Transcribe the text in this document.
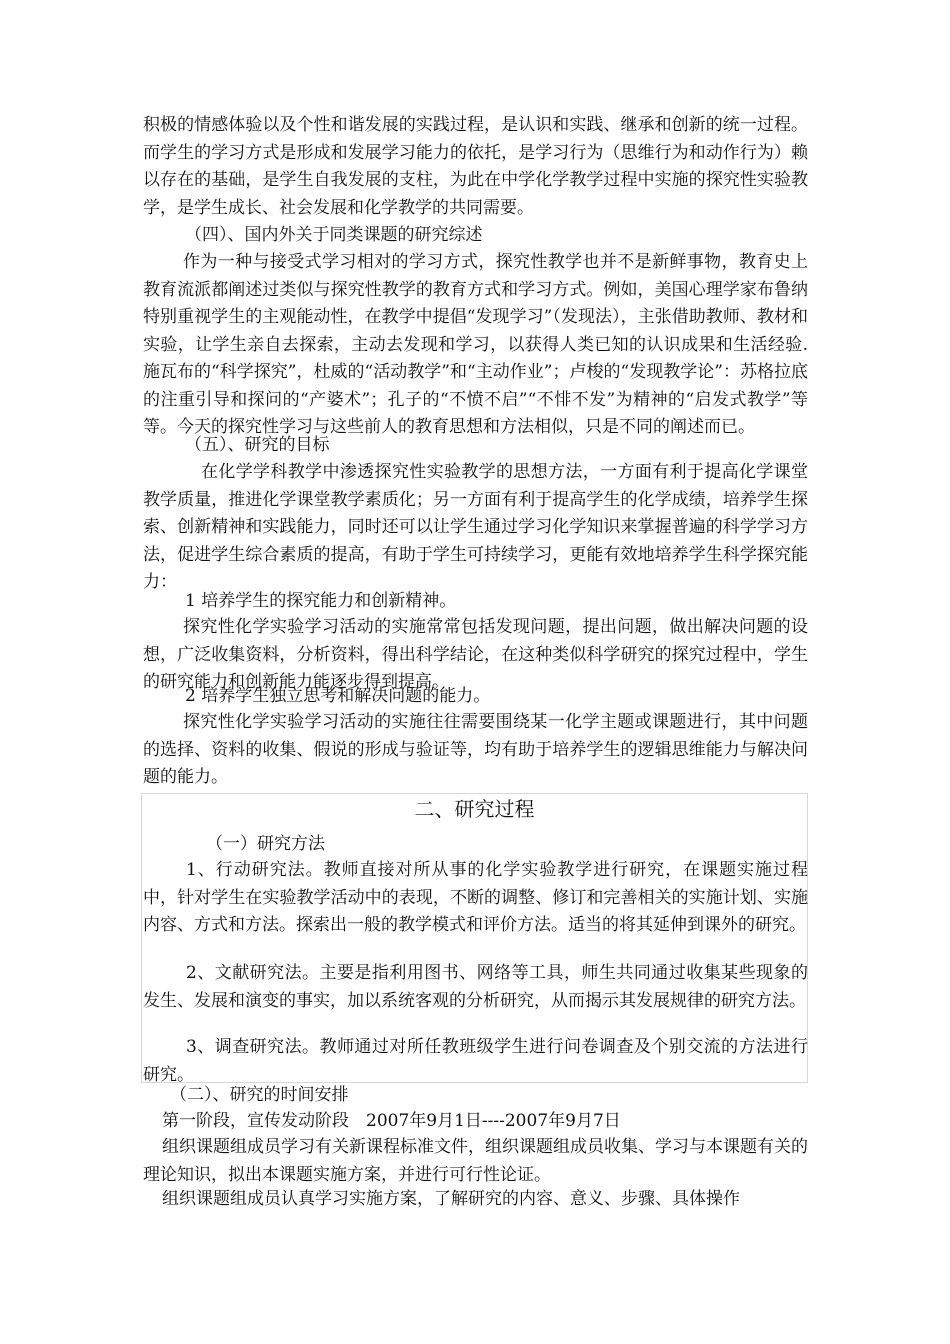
积极的情感体验以及个性和谐发展的实践过程，是认识和实践、继承和创新的统一过程。而学生的学习方式是形成和发展学习能力的依托，是学习行为（思维行为和动作行为）赖以存在的基础，是学生自我发展的支柱，为此在中学化学教学过程中实施的探究性实验教学，是学生成长、社会发展和化学教学的共同需要。

（四）、国内外关于同类课题的研究综述

作为一种与接受式学习相对的学习方式，探究性教学也并不是新鲜事物，教育史上教育流派都阐述过类似与探究性教学的教育方式和学习方式。例如，美国心理学家布鲁纳特别重视学生的主观能动性，在教学中提倡“发现学习”（发现法），主张借助教师、教材和实验，让学生亲自去探索，主动去发现和学习，以获得人类已知的认识成果和生活经验. 施瓦布的“科学探究”，杜威的“活动教学”和“主动作业”；卢梭的“发现教学论”：苏格拉底的注重引导和探问的“产婆术”；孔子的“不愤不启”“不悱不发”为精神的“启发式教学”等等。今天的探究性学习与这些前人的教育思想和方法相似，只是不同的阐述而已。

（五）、研究的目标

在化学学科教学中渗透探究性实验教学的思想方法，一方面有利于提高化学课堂教学质量，推进化学课堂教学素质化；另一方面有利于提高学生的化学成绩，培养学生探索、创新精神和实践能力，同时还可以让学生通过学习化学知识来掌握普遍的科学学习方法，促进学生综合素质的提高，有助于学生可持续学习，更能有效地培养学生科学探究能力：

1 培养学生的探究能力和创新精神。

探究性化学实验学习活动的实施常常包括发现问题，提出问题，做出解决问题的设想，广泛收集资料，分析资料，得出科学结论，在这种类似科学研究的探究过程中，学生的研究能力和创新能力能逐步得到提高。

2 培养学生独立思考和解决问题的能力。

探究性化学实验学习活动的实施往往需要围绕某一化学主题或课题进行，其中问题的选择、资料的收集、假说的形成与验证等，均有助于培养学生的逻辑思维能力与解决问题的能力。

二、研究过程

（一）研究方法

1、行动研究法。教师直接对所从事的化学实验教学进行研究，在课题实施过程中，针对学生在实验教学活动中的表现，不断的调整、修订和完善相关的实施计划、实施内容、方式和方法。探索出一般的教学模式和评价方法。适当的将其延伸到课外的研究。

2、文献研究法。主要是指利用图书、网络等工具，师生共同通过收集某些现象的发生、发展和演变的事实，加以系统客观的分析研究，从而揭示其发展规律的研究方法。

3、调查研究法。教师通过对所任教班级学生进行问卷调查及个别交流的方法进行研究。

（二）、研究的时间安排

第一阶段，宣传发动阶段　2007年9月1日----2007年9月7日

组织课题组成员学习有关新课程标准文件，组织课题组成员收集、学习与本课题有关的理论知识，拟出本课题实施方案，并进行可行性论证。

组织课题组成员认真学习实施方案，了解研究的内容、意义、步骤、具体操作
